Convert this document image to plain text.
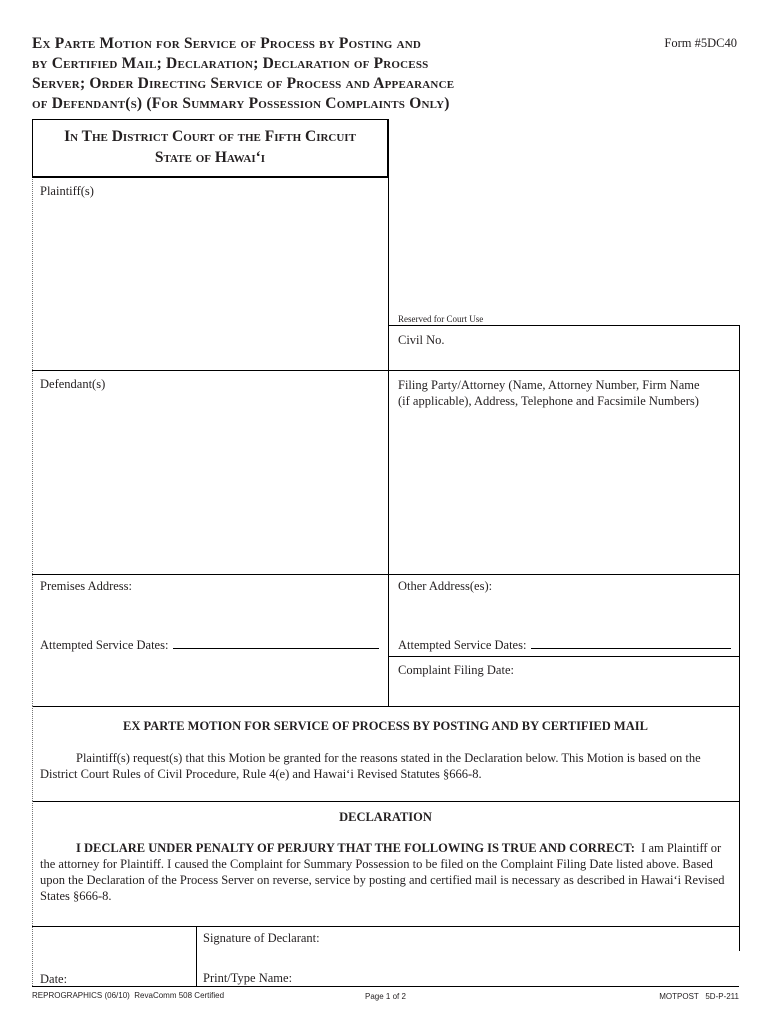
Ex Parte Motion for Service of Process by Posting and
by Certified Mail; Declaration; Declaration of Process
Server; Order Directing Service of Process and Appearance
of Defendant(s) (For Summary Possession Complaints Only)
Form #5DC40
In The District Court of the Fifth Circuit
State of Hawai‘i
Plaintiff(s)
Defendant(s)
Premises Address:
Attempted Service Dates:
Reserved for Court Use
Civil No.
Filing Party/Attorney (Name, Attorney Number, Firm Name
(if applicable), Address, Telephone and Facsimile Numbers)
Other Address(es):
Attempted Service Dates:
Complaint Filing Date:
EX PARTE MOTION FOR SERVICE OF PROCESS BY POSTING AND BY CERTIFIED MAIL
Plaintiff(s) request(s) that this Motion be granted for the reasons stated in the Declaration below. This Motion is based on the
District Court Rules of Civil Procedure, Rule 4(e) and Hawai‘i Revised Statutes §666-8.
DECLARATION
I DECLARE UNDER PENALTY OF PERJURY THAT THE FOLLOWING IS TRUE AND CORRECT: I am Plaintiff or
the attorney for Plaintiff. I caused the Complaint for Summary Possession to be filed on the Complaint Filing Date listed above. Based
upon the Declaration of the Process Server on reverse, service by posting and certified mail is necessary as described in Hawai‘i Revised
States §666-8.
Signature of Declarant:
Date:	Print/Type Name:
REPROGRAPHICS (06/10) RevaComm 508 Certified	Page 1 of 2	MOTPOST   5D-P-211
